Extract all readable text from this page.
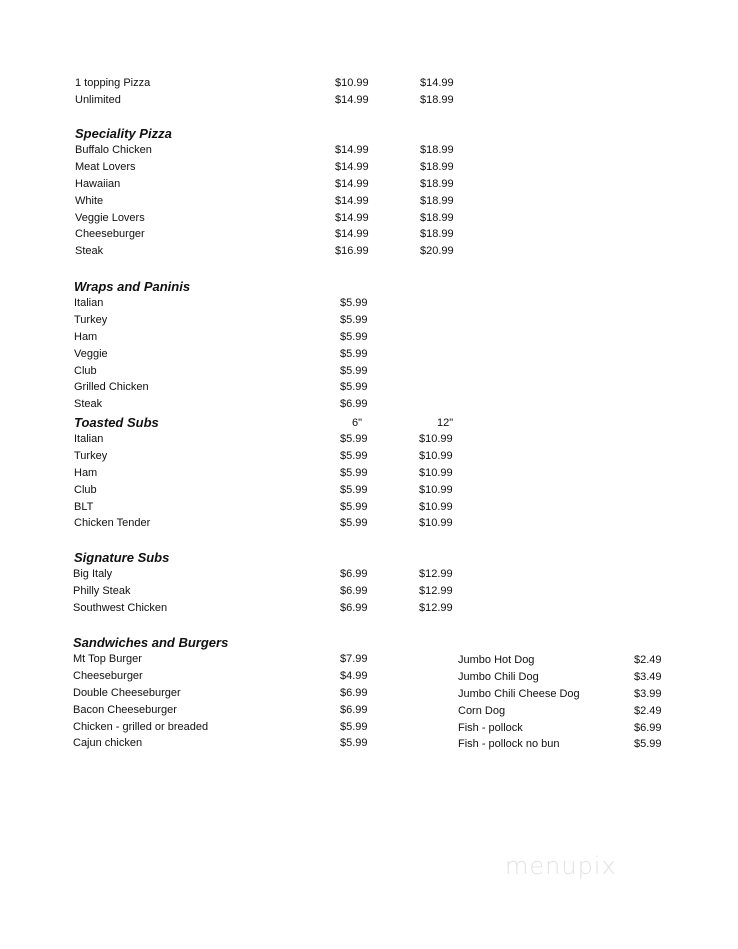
1 topping Pizza	$10.99	$14.99
Unlimited	$14.99	$18.99
Speciality Pizza
Buffalo Chicken	$14.99	$18.99
Meat Lovers	$14.99	$18.99
Hawaiian	$14.99	$18.99
White	$14.99	$18.99
Veggie Lovers	$14.99	$18.99
Cheeseburger	$14.99	$18.99
Steak	$16.99	$20.99
Wraps and Paninis
Italian	$5.99
Turkey	$5.99
Ham	$5.99
Veggie	$5.99
Club	$5.99
Grilled Chicken	$5.99
Steak	$6.99
Toasted Subs	6"	12"
Italian	$5.99	$10.99
Turkey	$5.99	$10.99
Ham	$5.99	$10.99
Club	$5.99	$10.99
BLT	$5.99	$10.99
Chicken Tender	$5.99	$10.99
Signature Subs
Big Italy	$6.99	$12.99
Philly Steak	$6.99	$12.99
Southwest Chicken	$6.99	$12.99
Sandwiches and Burgers
Mt Top Burger	$7.99
Cheeseburger	$4.99
Double Cheeseburger	$6.99
Bacon Cheeseburger	$6.99
Chicken - grilled or breaded	$5.99
Cajun chicken	$5.99
Jumbo Hot Dog	$2.49
Jumbo Chili Dog	$3.49
Jumbo Chili Cheese Dog	$3.99
Corn Dog	$2.49
Fish - pollock	$6.99
Fish - pollock no bun	$5.99
menupix
